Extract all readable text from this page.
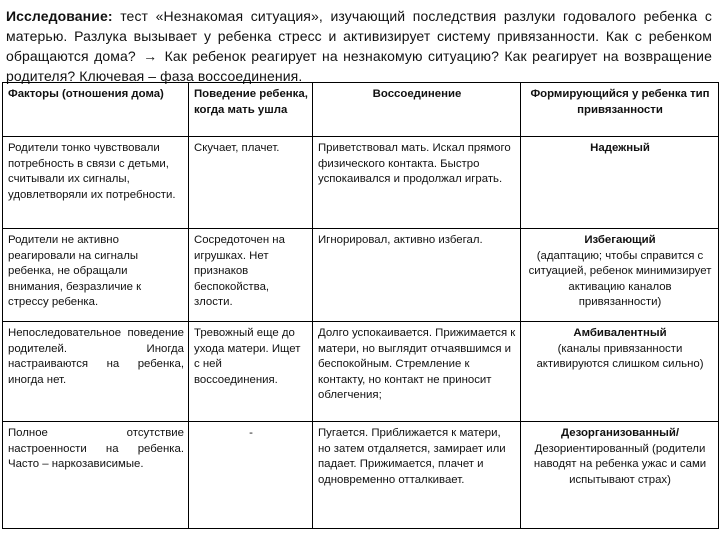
Исследование: тест «Незнакомая ситуация», изучающий последствия разлуки годовалого ребенка с матерью. Разлука вызывает у ребенка стресс и активизирует систему привязанности. Как с ребенком обращаются дома? → Как ребенок реагирует на незнакомую ситуацию? Как реагирует на возвращение родителя? Ключевая – фаза воссоединения.
Факторы (отношения дома)	Поведение ребенка, когда мать ушла	Воссоединение	Формирующийся у ребенка тип привязанности
Родители тонко чувствовали потребность в связи с детьми, считывали их сигналы, удовлетворяли их потребности.	Скучает, плачет.	Приветствовал мать. Искал прямого физического контакта. Быстро успокаивался и продолжал играть.	Надежный

Родители не активно реагировали на сигналы ребенка, не обращали внимания, безразличие к стрессу ребенка.	Сосредоточен на игрушках. Нет признаков беспокойства, злости.	Игнорировал, активно избегал.	Избегающий
(адаптацию; чтобы справится с ситуацией, ребенок минимизирует активацию каналов привязанности)

Непоследовательное поведение родителей. Иногда настраиваются на ребенка, иногда нет.	Тревожный еще до ухода матери. Ищет с ней воссоединения.	Долго успокаивается. Прижимается к матери, но выглядит отчаявшимся и беспокойным. Стремление к контакту, но контакт не приносит облегчения;	Амбивалентный
(каналы привязанности активируются слишком сильно)

Полное отсутствие настроенности на ребенка. Часто – наркозависимые.	-	Пугается. Приближается к матери, но затем отдаляется, замирает или падает. Прижимается, плачет и одновременно отталкивает.	Дезорганизованный/
Дезориентированный (родители наводят на ребенка ужас и сами испытывают страх)
